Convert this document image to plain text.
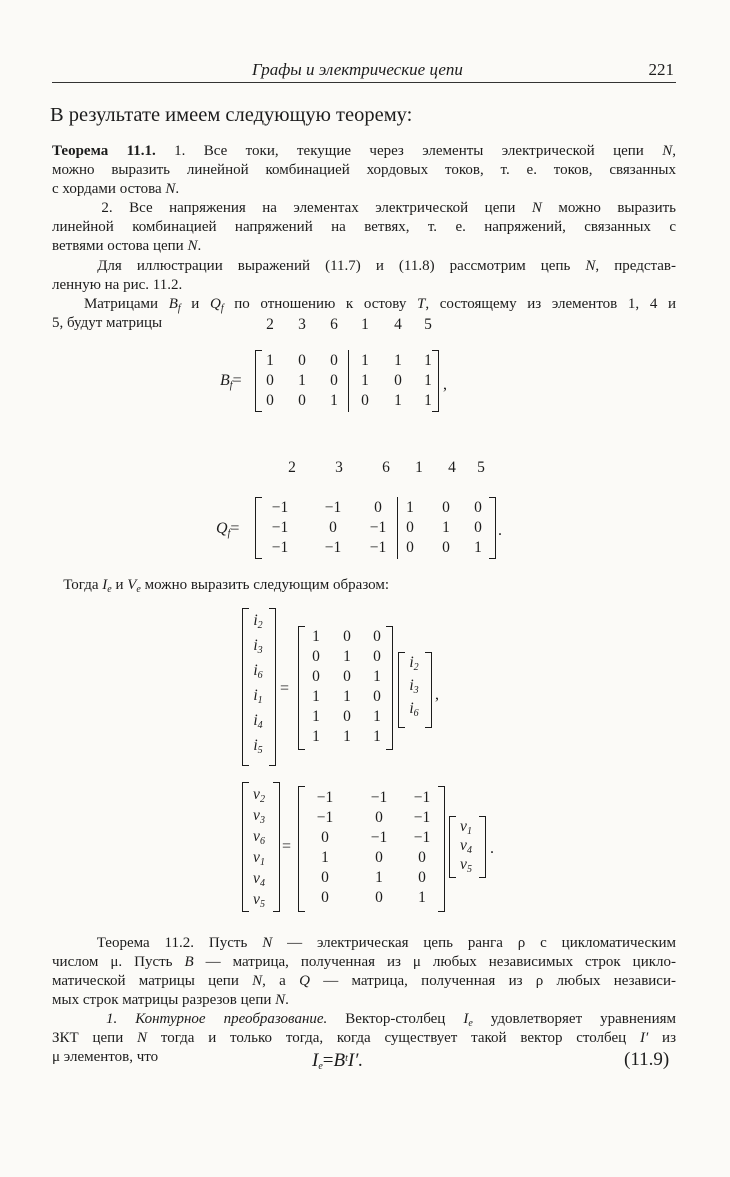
Графы и электрические цепи	221
В результате имеем следующую теорему:
Теорема 11.1. 1. Все токи, текущие через элементы электрической цепи N,
можно выразить линейной комбинацией хордовых токов, т. е. токов, связанных
с хордами остова N.
2. Все напряжения на элементах электрической цепи N можно выразить
линейной комбинацией напряжений на ветвях, т. е. напряжений, связанных с
ветвями остова цепи N.
Для иллюстрации выражений (11.7) и (11.8) рассмотрим цепь N, представ-
ленную на рис. 11.2.
Матрицами $B_f$ и $Q_f$ по отношению к остову T, состоящему из элементов 1, 4 и
5, будут матрицы	2	3	6	1	4	5
$B_f=$
1	0	0	1	1	1
0	1	0	1	0	1
0	0	1	0	1	1
,
2	3	6	1	4	5
$Q_f=$
−1	−1	0	1	0	0
−1	0	−1	0	1	0
−1	−1	−1	0	0	1
.
Тогда $I_e$ и $V_e$ можно выразить следующим образом:
$i_2$
$i_3$
$i_6$
$i_1$
$i_4$
$i_5$
=
1	0	0
0	1	0
0	0	1
1	1	0
1	0	1
1	1	1
$i_2$
$i_3$
$i_6$
,
$v_2$
$v_3$
$v_6$
$v_1$
$v_4$
$v_5$
=
−1	−1	−1
−1	0	−1
0	−1	−1
1	0	0
0	1	0
0	0	1
$v_1$
$v_4$
$v_5$
.
Теорема 11.2. Пусть N — электрическая цепь ранга ρ с цикломатическим
числом μ. Пусть B — матрица, полученная из μ любых независимых строк цикло-
матической матрицы цепи N, а Q — матрица, полученная из ρ любых независи-
мых строк матрицы разрезов цепи N.
1. Контурное преобразование. Вектор-столбец $I_e$ удовлетворяет уравнениям
ЗКТ цепи N тогда и только тогда, когда существует такой вектор столбец I′ из
μ элементов, что	$I_e=B^tI'$.	(11.9)
